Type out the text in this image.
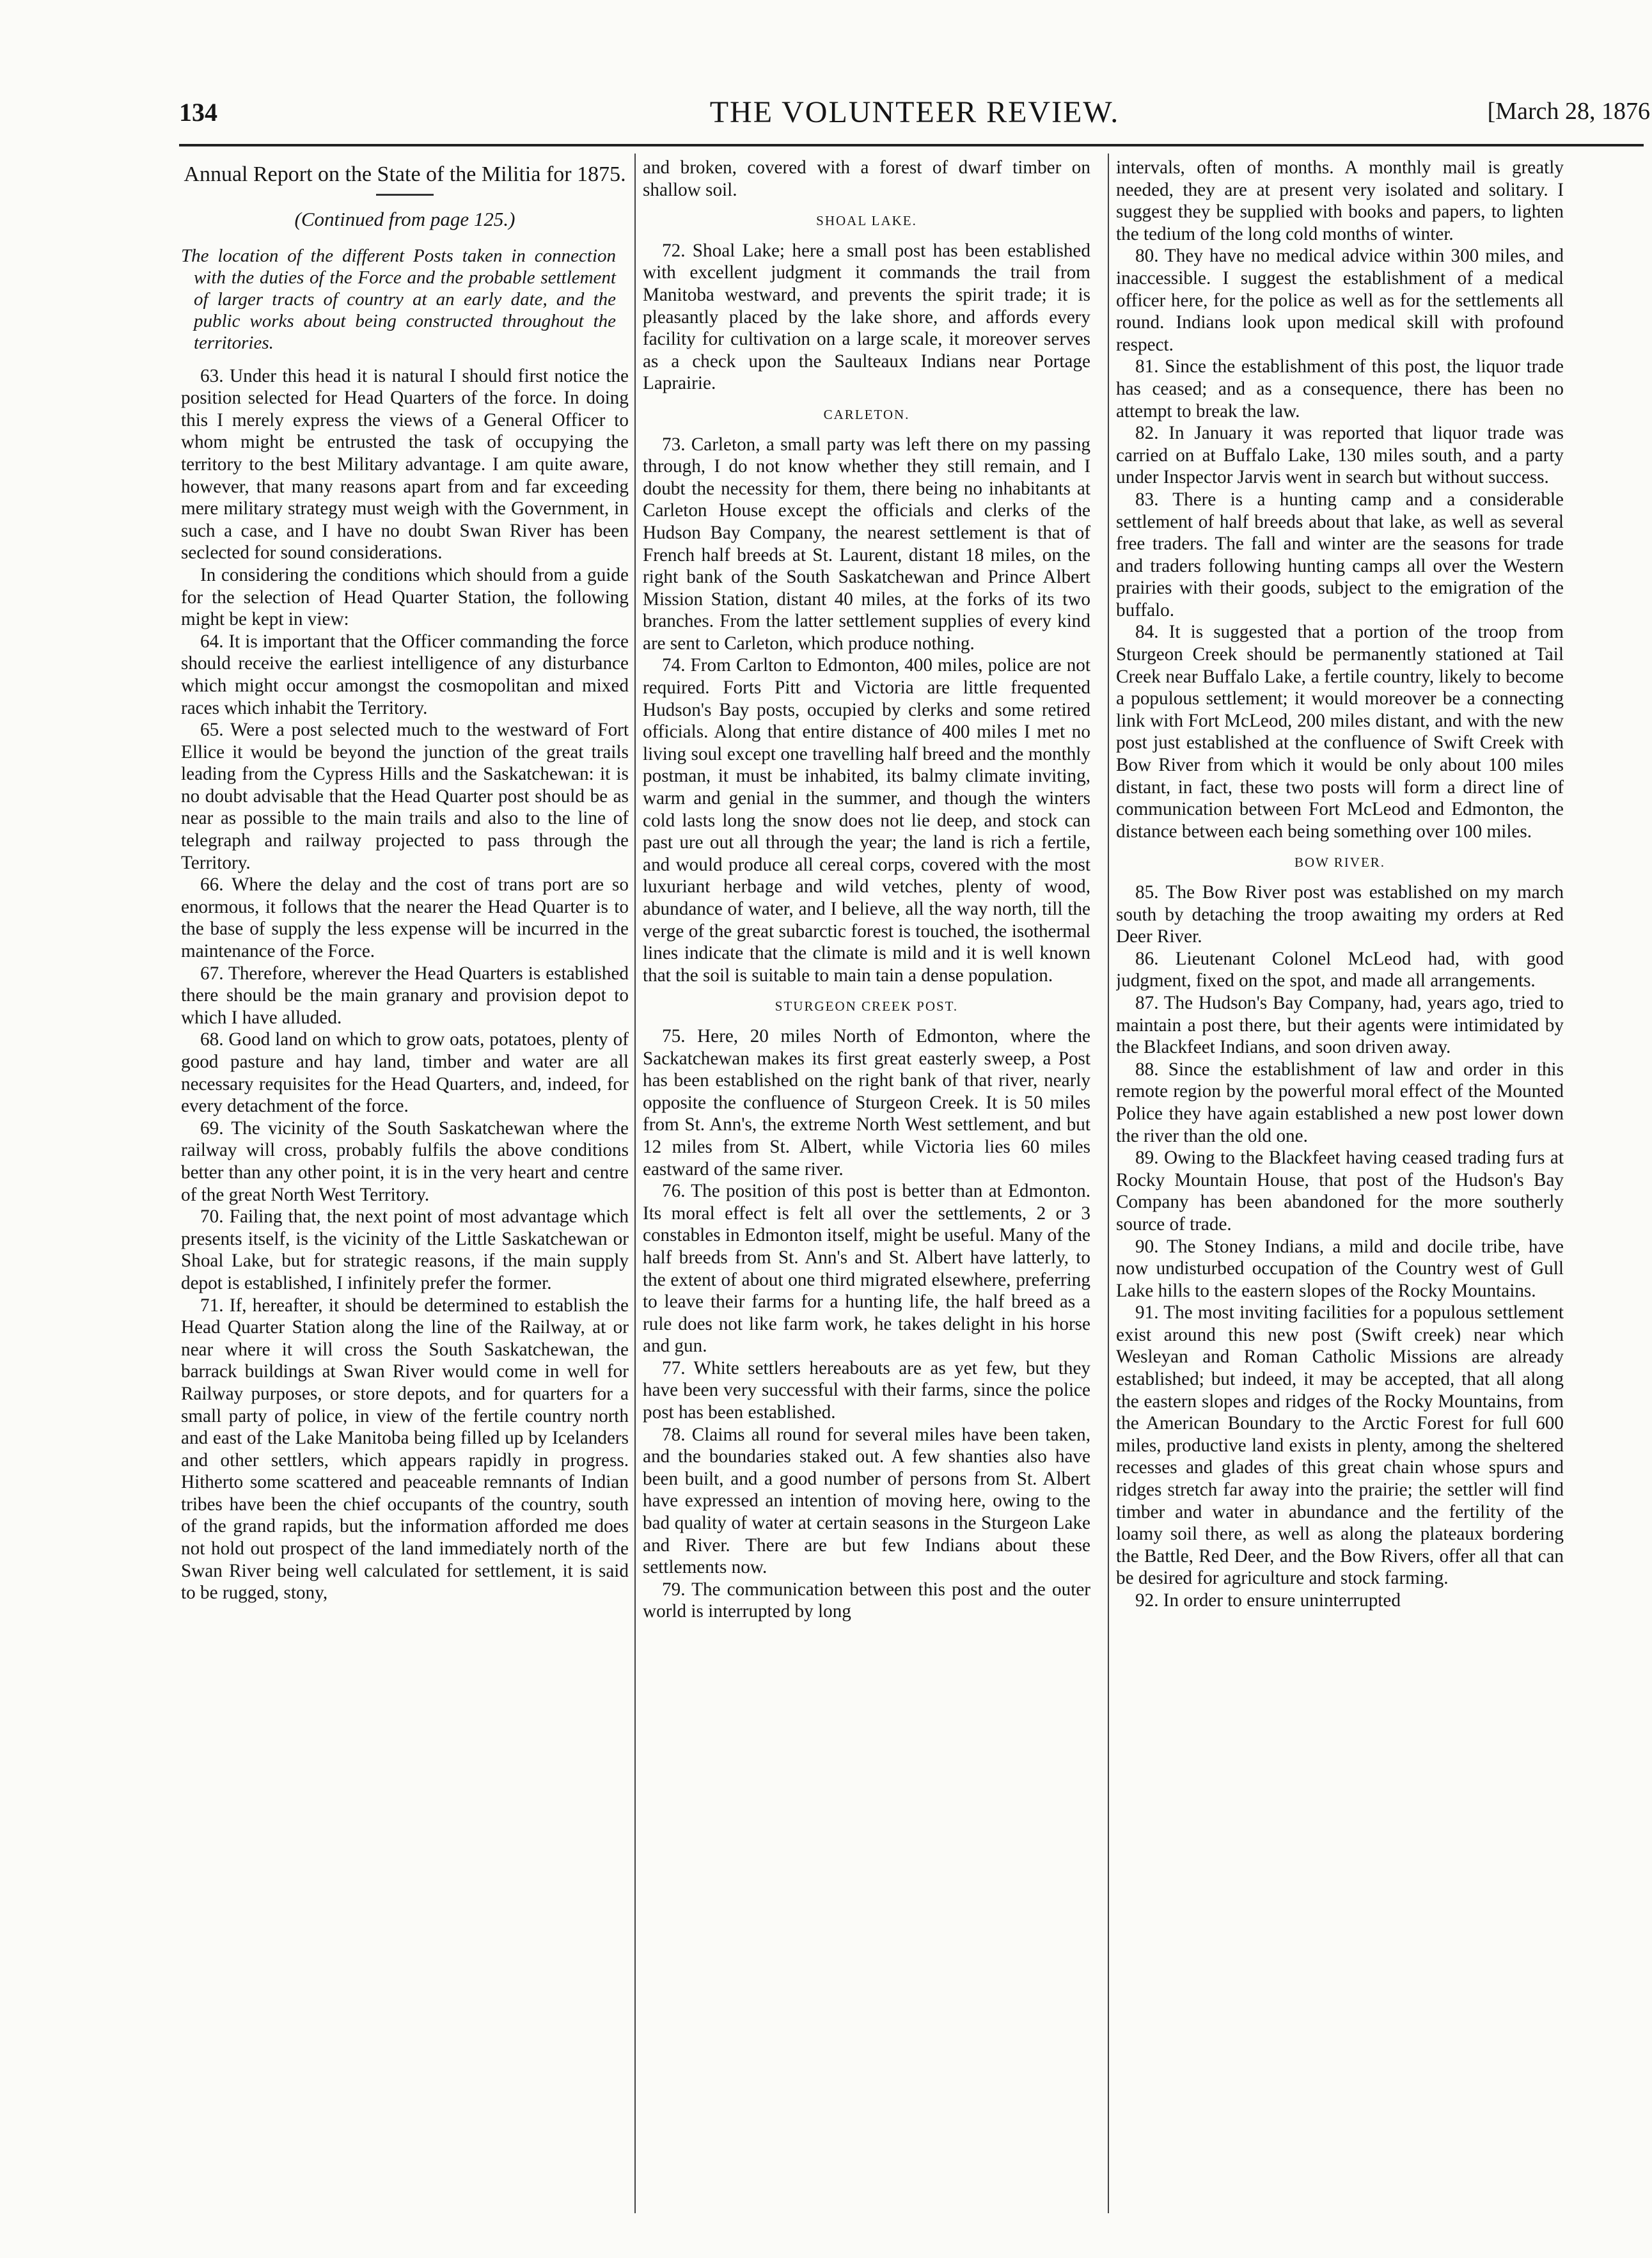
134	THE VOLUNTEER REVIEW.	[March 28, 1876
Annual Report on the State of the Militia for 1875.
(Continued from page 125.)
The location of the different Posts taken in connection with the duties of the Force and the probable settlement of larger tracts of country at an early date, and the public works about being constructed throughout the territories.

63. Under this head it is natural I should first notice the position selected for Head Quarters of the force. In doing this I merely express the views of a General Officer to whom might be entrusted the task of occupying the territory to the best Military advantage. I am quite aware, however, that many reasons apart from and far exceeding mere military strategy must weigh with the Government, in such a case, and I have no doubt Swan River has been seclected for sound considerations.

In considering the conditions which should from a guide for the selection of Head Quarter Station, the following might be kept in view:

64. It is important that the Officer commanding the force should receive the earliest intelligence of any disturbance which might occur amongst the cosmopolitan and mixed races which inhabit the Territory.

65. Were a post selected much to the westward of Fort Ellice it would be beyond the junction of the great trails leading from the Cypress Hills and the Saskatchewan: it is no doubt advisable that the Head Quarter post should be as near as possible to the main trails and also to the line of telegraph and railway projected to pass through the Territory.

66. Where the delay and the cost of trans port are so enormous, it follows that the nearer the Head Quarter is to the base of supply the less expense will be incurred in the maintenance of the Force.

67. Therefore, wherever the Head Quarters is established there should be the main granary and provision depot to which I have alluded.

68. Good land on which to grow oats, potatoes, plenty of good pasture and hay land, timber and water are all necessary requisites for the Head Quarters, and, indeed, for every detachment of the force.

69. The vicinity of the South Saskatchewan where the railway will cross, probably fulfils the above conditions better than any other point, it is in the very heart and centre of the great North West Territory.

70. Failing that, the next point of most advantage which presents itself, is the vicinity of the Little Saskatchewan or Shoal Lake, but for strategic reasons, if the main supply depot is established, I infinitely prefer the former.

71. If, hereafter, it should be determined to establish the Head Quarter Station along the line of the Railway, at or near where it will cross the South Saskatchewan, the barrack buildings at Swan River would come in well for Railway purposes, or store depots, and for quarters for a small party of police, in view of the fertile country north and east of the Lake Manitoba being filled up by Icelanders and other settlers, which appears rapidly in progress. Hitherto some scattered and peaceable remnants of Indian tribes have been the chief occupants of the country, south of the grand rapids, but the information afforded me does not hold out prospect of the land immediately north of the Swan River being well calculated for settlement, it is said to be rugged, stony,

and broken, covered with a forest of dwarf timber on shallow soil.

SHOAL LAKE.

72. Shoal Lake; here a small post has been established with excellent judgment it commands the trail from Manitoba westward, and prevents the spirit trade; it is pleasantly placed by the lake shore, and affords every facility for cultivation on a large scale, it moreover serves as a check upon the Saulteaux Indians near Portage Laprairie.

CARLETON.

73. Carleton, a small party was left there on my passing through, I do not know whether they still remain, and I doubt the necessity for them, there being no inhabitants at Carleton House except the officials and clerks of the Hudson Bay Company, the nearest settlement is that of French half breeds at St. Laurent, distant 18 miles, on the right bank of the South Saskatchewan and Prince Albert Mission Station, distant 40 miles, at the forks of its two branches. From the latter settlement supplies of every kind are sent to Carleton, which produce nothing.

74. From Carlton to Edmonton, 400 miles, police are not required. Forts Pitt and Victoria are little frequented Hudson's Bay posts, occupied by clerks and some retired officials. Along that entire distance of 400 miles I met no living soul except one travelling half breed and the monthly postman, it must be inhabited, its balmy climate inviting, warm and genial in the summer, and though the winters cold lasts long the snow does not lie deep, and stock can past ure out all through the year; the land is rich a fertile, and would produce all cereal corps, covered with the most luxuriant herbage and wild vetches, plenty of wood, abundance of water, and I believe, all the way north, till the verge of the great subarctic forest is touched, the isothermal lines indicate that the climate is mild and it is well known that the soil is suitable to main tain a dense population.

STURGEON CREEK POST.

75. Here, 20 miles North of Edmonton, where the Sackatchewan makes its first great easterly sweep, a Post has been established on the right bank of that river, nearly opposite the confluence of Sturgeon Creek. It is 50 miles from St. Ann's, the extreme North West settlement, and but 12 miles from St. Albert, while Victoria lies 60 miles eastward of the same river.

76. The position of this post is better than at Edmonton. Its moral effect is felt all over the settlements, 2 or 3 constables in Edmonton itself, might be useful. Many of the half breeds from St. Ann's and St. Albert have latterly, to the extent of about one third migrated elsewhere, preferring to leave their farms for a hunting life, the half breed as a rule does not like farm work, he takes delight in his horse and gun.

77. White settlers hereabouts are as yet few, but they have been very successful with their farms, since the police post has been established.

78. Claims all round for several miles have been taken, and the boundaries staked out. A few shanties also have been built, and a good number of persons from St. Albert have expressed an intention of moving here, owing to the bad quality of water at certain seasons in the Sturgeon Lake and River. There are but few Indians about these settlements now.

79. The communication between this post and the outer world is interrupted by long

intervals, often of months. A monthly mail is greatly needed, they are at present very isolated and solitary. I suggest they be supplied with books and papers, to lighten the tedium of the long cold months of winter.

80. They have no medical advice within 300 miles, and inaccessible. I suggest the establishment of a medical officer here, for the police as well as for the settlements all round. Indians look upon medical skill with profound respect.

81. Since the establishment of this post, the liquor trade has ceased; and as a consequence, there has been no attempt to break the law.

82. In January it was reported that liquor trade was carried on at Buffalo Lake, 130 miles south, and a party under Inspector Jarvis went in search but without success.

83. There is a hunting camp and a considerable settlement of half breeds about that lake, as well as several free traders. The fall and winter are the seasons for trade and traders following hunting camps all over the Western prairies with their goods, subject to the emigration of the buffalo.

84. It is suggested that a portion of the troop from Sturgeon Creek should be permanently stationed at Tail Creek near Buffalo Lake, a fertile country, likely to become a populous settlement; it would moreover be a connecting link with Fort McLeod, 200 miles distant, and with the new post just established at the confluence of Swift Creek with Bow River from which it would be only about 100 miles distant, in fact, these two posts will form a direct line of communication between Fort McLeod and Edmonton, the distance between each being something over 100 miles.

BOW RIVER.

85. The Bow River post was established on my march south by detaching the troop awaiting my orders at Red Deer River.

86. Lieutenant Colonel McLeod had, with good judgment, fixed on the spot, and made all arrangements.

87. The Hudson's Bay Company, had, years ago, tried to maintain a post there, but their agents were intimidated by the Blackfeet Indians, and soon driven away.

88. Since the establishment of law and order in this remote region by the powerful moral effect of the Mounted Police they have again established a new post lower down the river than the old one.

89. Owing to the Blackfeet having ceased trading furs at Rocky Mountain House, that post of the Hudson's Bay Company has been abandoned for the more southerly source of trade.

90. The Stoney Indians, a mild and docile tribe, have now undisturbed occupation of the Country west of Gull Lake hills to the eastern slopes of the Rocky Mountains.

91. The most inviting facilities for a populous settlement exist around this new post (Swift creek) near which Wesleyan and Roman Catholic Missions are already established; but indeed, it may be accepted, that all along the eastern slopes and ridges of the Rocky Mountains, from the American Boundary to the Arctic Forest for full 600 miles, productive land exists in plenty, among the sheltered recesses and glades of this great chain whose spurs and ridges stretch far away into the prairie; the settler will find timber and water in abundance and the fertility of the loamy soil there, as well as along the plateaux bordering the Battle, Red Deer, and the Bow Rivers, offer all that can be desired for agriculture and stock farming.

92. In order to ensure uninterrupted
